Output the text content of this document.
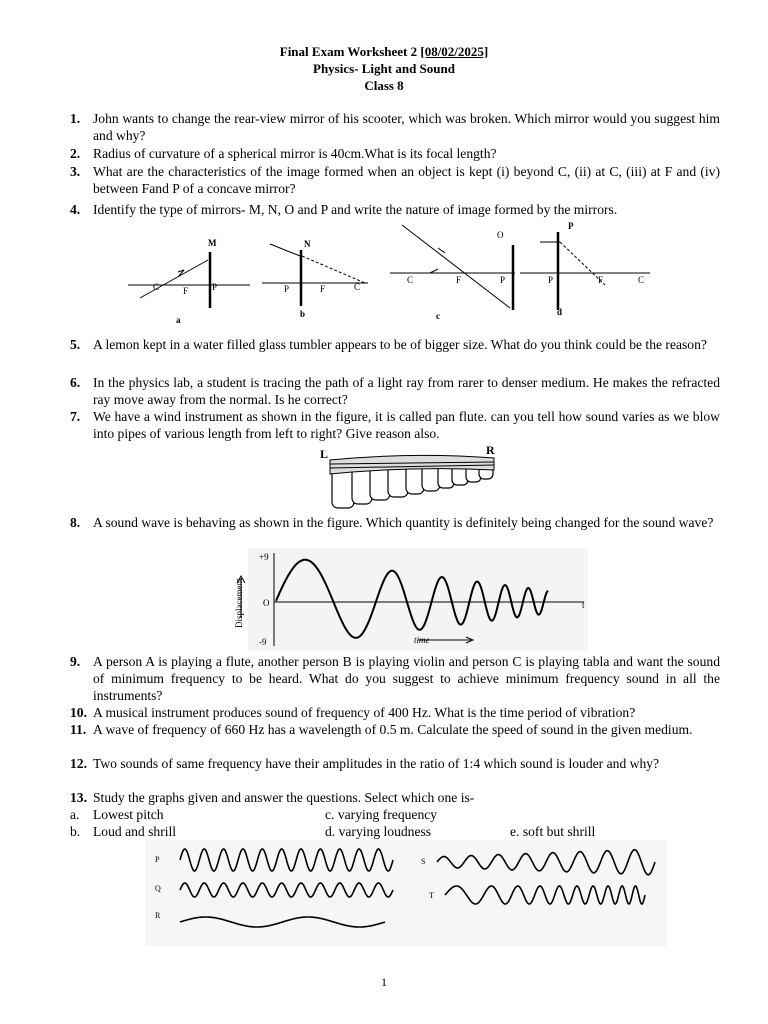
Final Exam Worksheet 2 [08/02/2025]
Physics- Light and Sound
Class 8
1. John wants to change the rear-view mirror of his scooter, which was broken. Which mirror would you suggest him and why?
2. Radius of curvature of a spherical mirror is 40cm.What is its focal length?
3. What are the characteristics of the image formed when an object is kept (i) beyond C, (ii) at C, (iii) at F and (iv) between Fand P of a concave mirror?
4. Identify the type of mirrors- M, N, O and P and write the nature of image formed by the mirrors.
M	N
O
P
C	F	P	P	F	C
C	F	P	P	F	C
a
b	c	d
5. A lemon kept in a water filled glass tumbler appears to be of bigger size. What do you think could be the reason?
6. In the physics lab, a student is tracing the path of a light ray from rarer to denser medium. He makes the refracted ray move away from the normal. Is he correct?
7. We have a wind instrument as shown in the figure, it is called pan flute. can you tell how sound varies as we blow into pipes of various length from left to right? Give reason also.
L	R
8. A sound wave is behaving as shown in the figure. Which quantity is definitely being changed for the sound wave?
+9
O
-9
t
time
Displacement
9. A person A is playing a flute, another person B is playing violin and person C is playing tabla and want the sound of minimum frequency to be heard. What do you suggest to achieve minimum frequency sound in all the instruments?
10. A musical instrument produces sound of frequency of 400 Hz. What is the time period of vibration?
11. A wave of frequency of 660 Hz has a wavelength of 0.5 m. Calculate the speed of sound in the given medium.
12. Two sounds of same frequency have their amplitudes in the ratio of 1:4 which sound is louder and why?
13. Study the graphs given and answer the questions. Select which one is-
a. Lowest pitch	c. varying frequency
b. Loud and shrill	d. varying loudness	e. soft but shrill
P
Q
R
S
T
1
